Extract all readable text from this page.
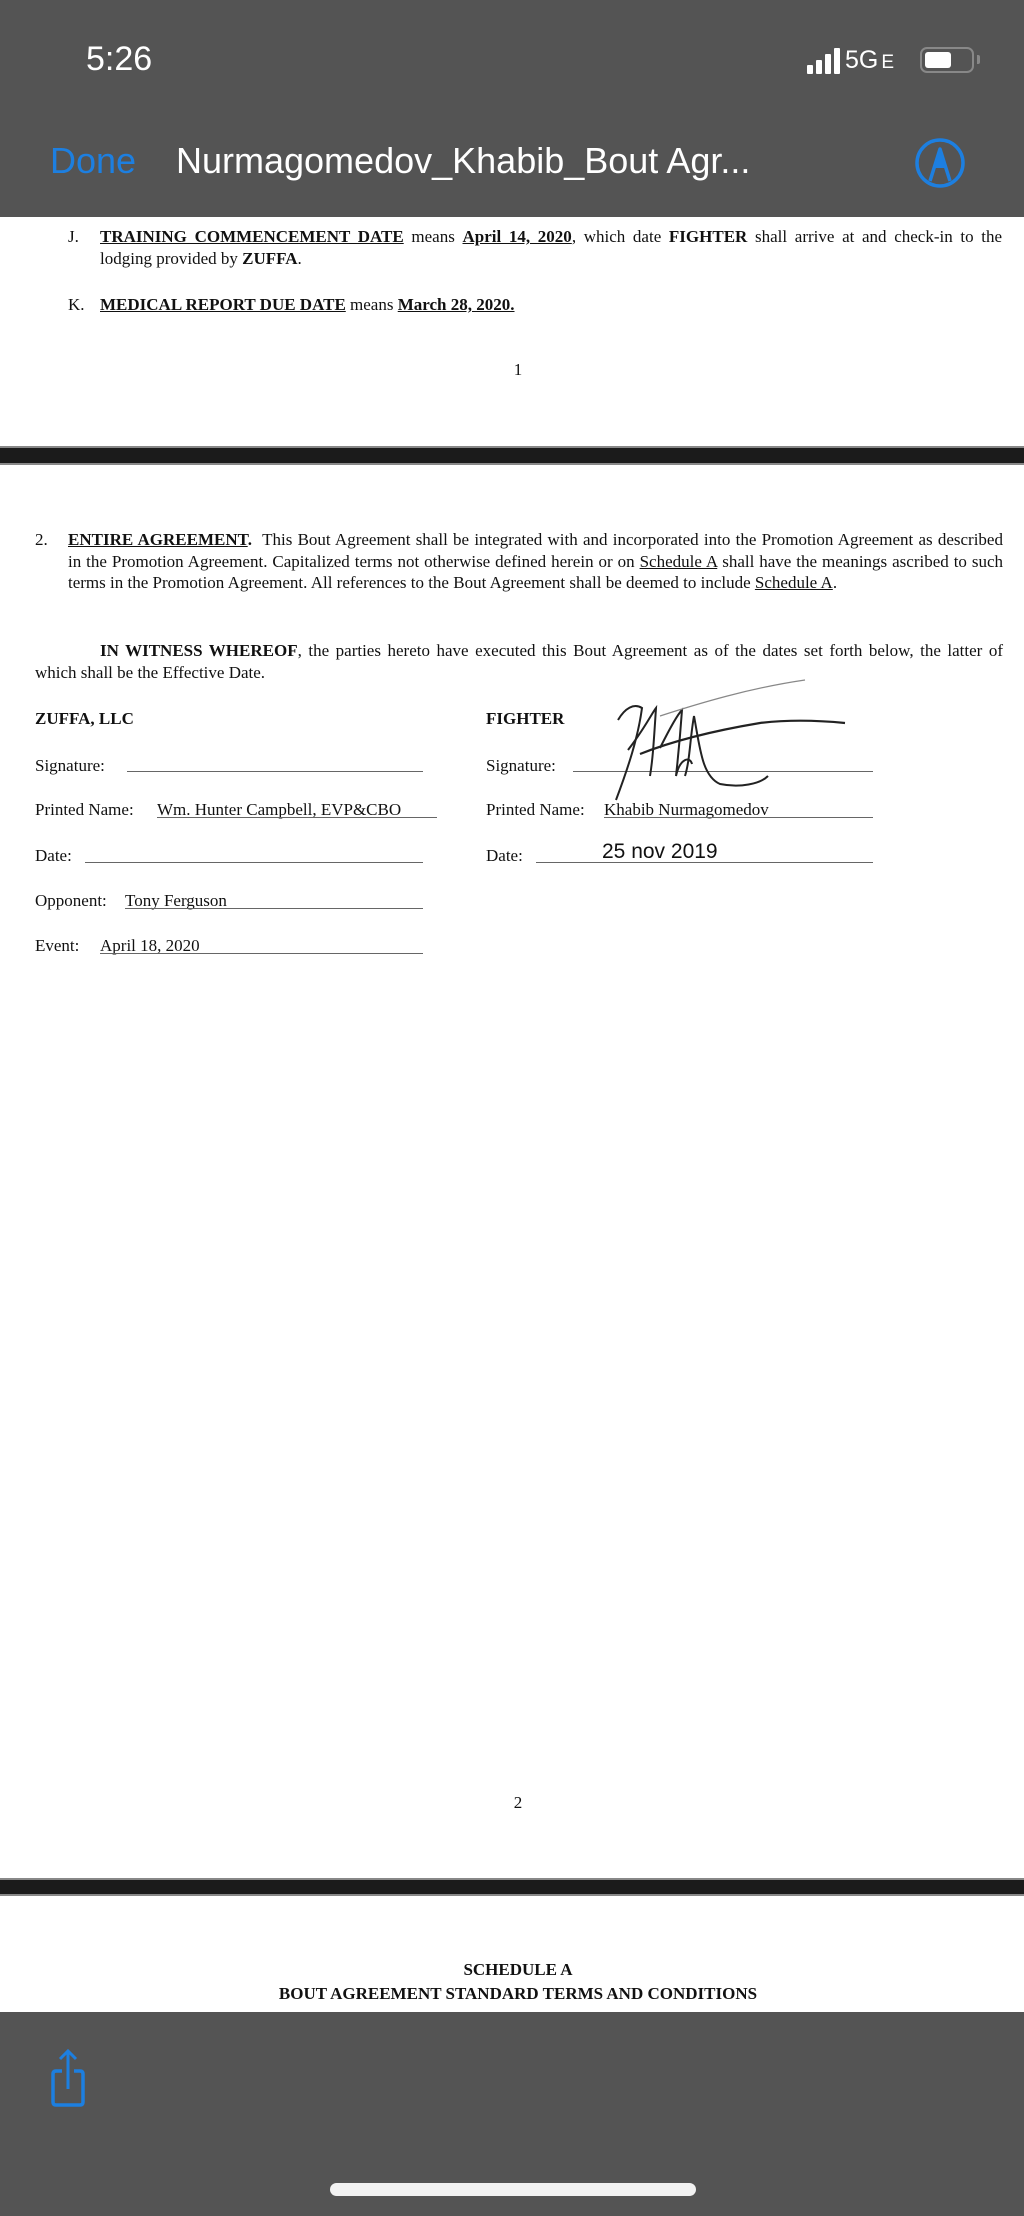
5:26	5G E
Done Nurmagomedov_Khabib_Bout Agr...
J. TRAINING COMMENCEMENT DATE means April 14, 2020, which date FIGHTER shall arrive at and check-in to the lodging provided by ZUFFA.
K. MEDICAL REPORT DUE DATE means March 28, 2020.
1
2. ENTIRE AGREEMENT. This Bout Agreement shall be integrated with and incorporated into the Promotion Agreement as described in the Promotion Agreement. Capitalized terms not otherwise defined herein or on Schedule A shall have the meanings ascribed to such terms in the Promotion Agreement. All references to the Bout Agreement shall be deemed to include Schedule A.
IN WITNESS WHEREOF, the parties hereto have executed this Bout Agreement as of the dates set forth below, the latter of which shall be the Effective Date.
ZUFFA, LLC
Signature:
Printed Name: Wm. Hunter Campbell, EVP&CBO
Date:
Opponent: Tony Ferguson
Event: April 18, 2020
FIGHTER
Signature:
Printed Name: Khabib Nurmagomedov
Date:	25 nov 2019
2
SCHEDULE A
BOUT AGREEMENT STANDARD TERMS AND CONDITIONS
